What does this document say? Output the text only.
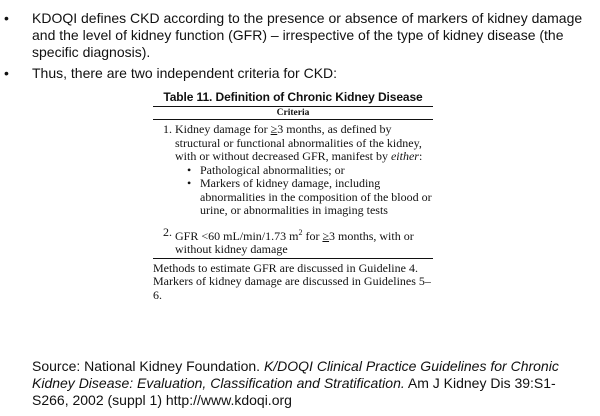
• KDOQI defines CKD according to the presence or absence of markers of kidney damage and the level of kidney function (GFR) – irrespective of the type of kidney disease (the specific diagnosis).
• Thus, there are two independent criteria for CKD:
Table 11. Definition of Chronic Kidney Disease
Criteria
1. Kidney damage for ≥3 months, as defined by structural or functional abnormalities of the kidney, with or without decreased GFR, manifest by either:
• Pathological abnormalities; or
• Markers of kidney damage, including abnormalities in the composition of the blood or urine, or abnormalities in imaging tests
2. GFR <60 mL/min/1.73 $m^2$ for ≥3 months, with or without kidney damage
Methods to estimate GFR are discussed in Guideline 4. Markers of kidney damage are discussed in Guidelines 5–6.
Source: National Kidney Foundation. K/DOQI Clinical Practice Guidelines for Chronic Kidney Disease: Evaluation, Classification and Stratification. Am J Kidney Dis 39:S1-S266, 2002 (suppl 1) http://www.kdoqi.org
